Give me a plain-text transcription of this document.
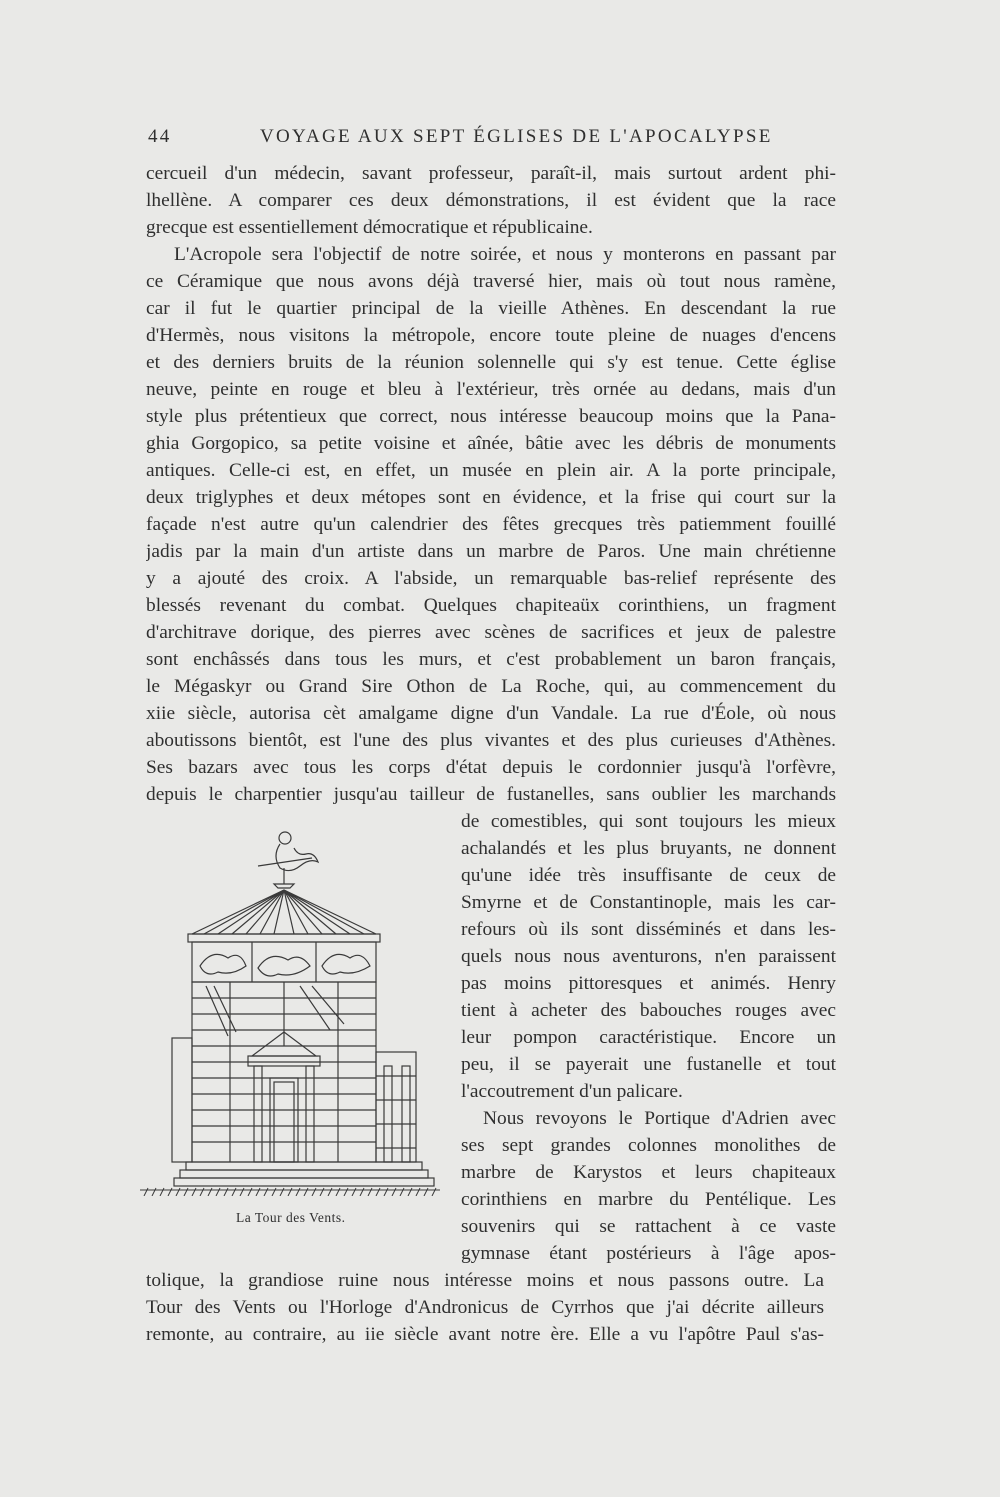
44	VOYAGE AUX SEPT ÉGLISES DE L'APOCALYPSE
cercueil d'un médecin, savant professeur, paraît-il, mais surtout ardent phi-
lhellène. A comparer ces deux démonstrations, il est évident que la race
grecque est essentiellement démocratique et républicaine.
L'Acropole sera l'objectif de notre soirée, et nous y monterons en passant par
ce Céramique que nous avons déjà traversé hier, mais où tout nous ramène,
car il fut le quartier principal de la vieille Athènes. En descendant la rue
d'Hermès, nous visitons la métropole, encore toute pleine de nuages d'encens
et des derniers bruits de la réunion solennelle qui s'y est tenue. Cette église
neuve, peinte en rouge et bleu à l'extérieur, très ornée au dedans, mais d'un
style plus prétentieux que correct, nous intéresse beaucoup moins que la Pana-
ghia Gorgopico, sa petite voisine et aînée, bâtie avec les débris de monuments
antiques. Celle-ci est, en effet, un musée en plein air. A la porte principale,
deux triglyphes et deux métopes sont en évidence, et la frise qui court sur la
façade n'est autre qu'un calendrier des fêtes grecques très patiemment fouillé
jadis par la main d'un artiste dans un marbre de Paros. Une main chrétienne
y a ajouté des croix. A l'abside, un remarquable bas-relief représente des
blessés revenant du combat. Quelques chapiteaüx corinthiens, un fragment
d'architrave dorique, des pierres avec scènes de sacrifices et jeux de palestre
sont enchâssés dans tous les murs, et c'est probablement un baron français,
le Mégaskyr ou Grand Sire Othon de La Roche, qui, au commencement du
xiie siècle, autorisa cèt amalgame digne d'un Vandale. La rue d'Éole, où nous
aboutissons bientôt, est l'une des plus vivantes et des plus curieuses d'Athènes.
Ses bazars avec tous les corps d'état depuis le cordonnier jusqu'à l'orfèvre,
depuis le charpentier jusqu'au tailleur de fustanelles, sans oublier les marchands
de comestibles, qui sont toujours les mieux
achalandés et les plus bruyants, ne donnent
qu'une idée très insuffisante de ceux de
Smyrne et de Constantinople, mais les car-
refours où ils sont disséminés et dans les-
quels nous nous aventurons, n'en paraissent
pas moins pittoresques et animés. Henry
tient à acheter des babouches rouges avec
leur pompon caractéristique. Encore un
peu, il se payerait une fustanelle et tout
l'accoutrement d'un palicare.
Nous revoyons le Portique d'Adrien avec
ses sept grandes colonnes monolithes de
marbre de Karystos et leurs chapiteaux
corinthiens en marbre du Pentélique. Les
souvenirs qui se rattachent à ce vaste
gymnase étant postérieurs à l'âge apos-
La Tour des Vents.
tolique, la grandiose ruine nous intéresse moins et nous passons outre. La
Tour des Vents ou l'Horloge d'Andronicus de Cyrrhos que j'ai décrite ailleurs
remonte, au contraire, au iie siècle avant notre ère. Elle a vu l'apôtre Paul s'as-
